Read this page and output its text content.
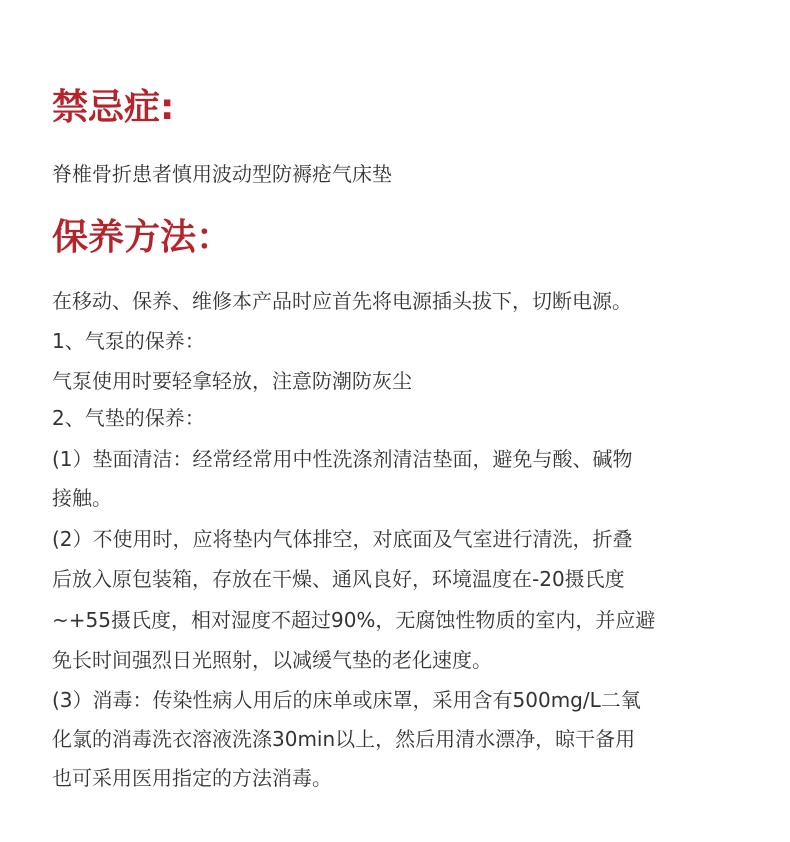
禁忌症:

脊椎骨折患者慎用波动型防褥疮气床垫

保养方法：

在移动、保养、维修本产品时应首先将电源插头拔下，切断电源。

1、气泵的保养：

气泵使用时要轻拿轻放，注意防潮防灰尘

2、气垫的保养：

(1）垫面清洁：经常经常用中性洗涤剂清洁垫面，避免与酸、碱物

接触。

(2）不使用时，应将垫内气体排空，对底面及气室进行清洗，折叠

后放入原包装箱，存放在干燥、通风良好，环境温度在-20摄氏度

~+55摄氏度，相对湿度不超过90%，无腐蚀性物质的室内，并应避

免长时间强烈日光照射，以减缓气垫的老化速度。

(3）消毒：传染性病人用后的床单或床罩，采用含有500mg/L二氧

化氯的消毒洗衣溶液洗涤30min以上，然后用清水漂净，晾干备用

也可采用医用指定的方法消毒。
